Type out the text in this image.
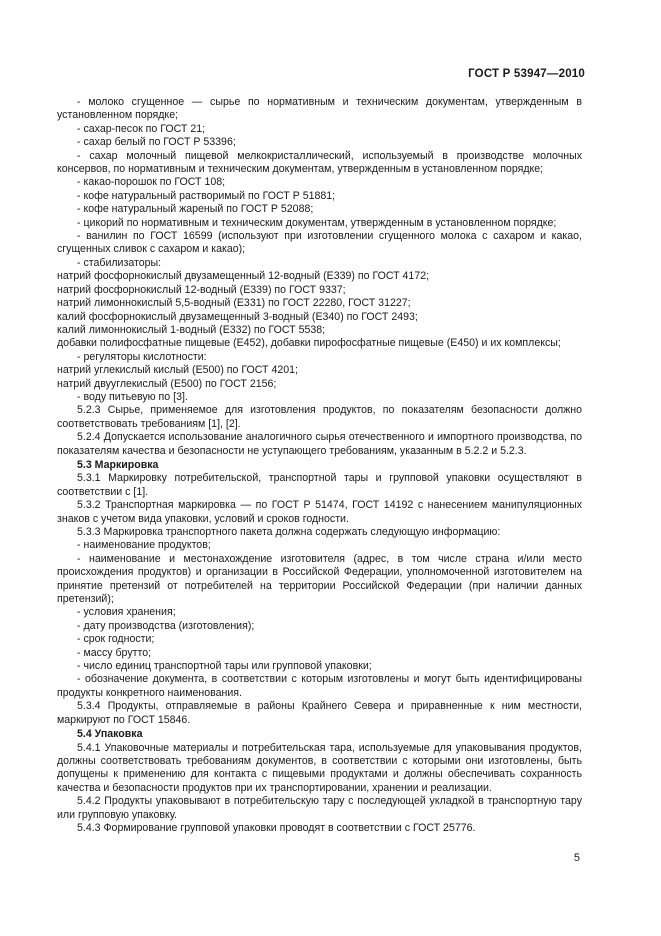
ГОСТ Р 53947—2010

- молоко сгущенное — сырье по нормативным и техническим документам, утвержденным в установленном порядке;

- сахар-песок по ГОСТ 21;

- сахар белый по ГОСТ Р 53396;

- сахар молочный пищевой мелкокристаллический, используемый в производстве молочных консервов, по нормативным и техническим документам, утвержденным в установленном порядке;

- какао-порошок по ГОСТ 108;

- кофе натуральный растворимый по ГОСТ Р 51881;

- кофе натуральный жареный по ГОСТ Р 52088;

- цикорий по нормативным и техническим документам, утвержденным в установленном порядке;

- ванилин по ГОСТ 16599 (используют при изготовлении сгущенного молока с сахаром и какао, сгущенных сливок с сахаром и какао);

- стабилизаторы:

натрий фосфорнокислый двузамещенный 12-водный (E339) по ГОСТ 4172;

натрий фосфорнокислый 12-водный (E339) по ГОСТ 9337;

натрий лимоннокислый 5,5-водный (E331) по ГОСТ 22280, ГОСТ 31227;

калий фосфорнокислый двузамещенный 3-водный (E340) по ГОСТ 2493;

калий лимоннокислый 1-водный (E332) по ГОСТ 5538;

добавки полифосфатные пищевые (E452), добавки пирофосфатные пищевые (E450) и их комплексы;

- регуляторы кислотности:

натрий углекислый кислый (E500) по ГОСТ 4201;

натрий двууглекислый (E500) по ГОСТ 2156;

- воду питьевую по [3].

5.2.3 Сырье, применяемое для изготовления продуктов, по показателям безопасности должно соответствовать требованиям [1], [2].

5.2.4 Допускается использование аналогичного сырья отечественного и импортного производства, по показателям качества и безопасности не уступающего требованиям, указанным в 5.2.2 и 5.2.3.

5.3 Маркировка

5.3.1 Маркировку потребительской, транспортной тары и групповой упаковки осуществляют в соответствии с [1].

5.3.2 Транспортная маркировка — по ГОСТ Р 51474, ГОСТ 14192 с нанесением манипуляционных знаков с учетом вида упаковки, условий и сроков годности.

5.3.3 Маркировка транспортного пакета должна содержать следующую информацию:

- наименование продуктов;

- наименование и местонахождение изготовителя (адрес, в том числе страна и/или место происхождения продуктов) и организации в Российской Федерации, уполномоченной изготовителем на принятие претензий от потребителей на территории Российской Федерации (при наличии данных претензий);

- условия хранения;

- дату производства (изготовления);

- срок годности;

- массу брутто;

- число единиц транспортной тары или групповой упаковки;

- обозначение документа, в соответствии с которым изготовлены и могут быть идентифицированы продукты конкретного наименования.

5.3.4 Продукты, отправляемые в районы Крайнего Севера и приравненные к ним местности, маркируют по ГОСТ 15846.

5.4 Упаковка

5.4.1 Упаковочные материалы и потребительская тара, используемые для упаковывания продуктов, должны соответствовать требованиям документов, в соответствии с которыми они изготовлены, быть допущены к применению для контакта с пищевыми продуктами и должны обеспечивать сохранность качества и безопасности продуктов при их транспортировании, хранении и реализации.

5.4.2 Продукты упаковывают в потребительскую тару с последующей укладкой в транспортную тару или групповую упаковку.

5.4.3 Формирование групповой упаковки проводят в соответствии с ГОСТ 25776.

5
